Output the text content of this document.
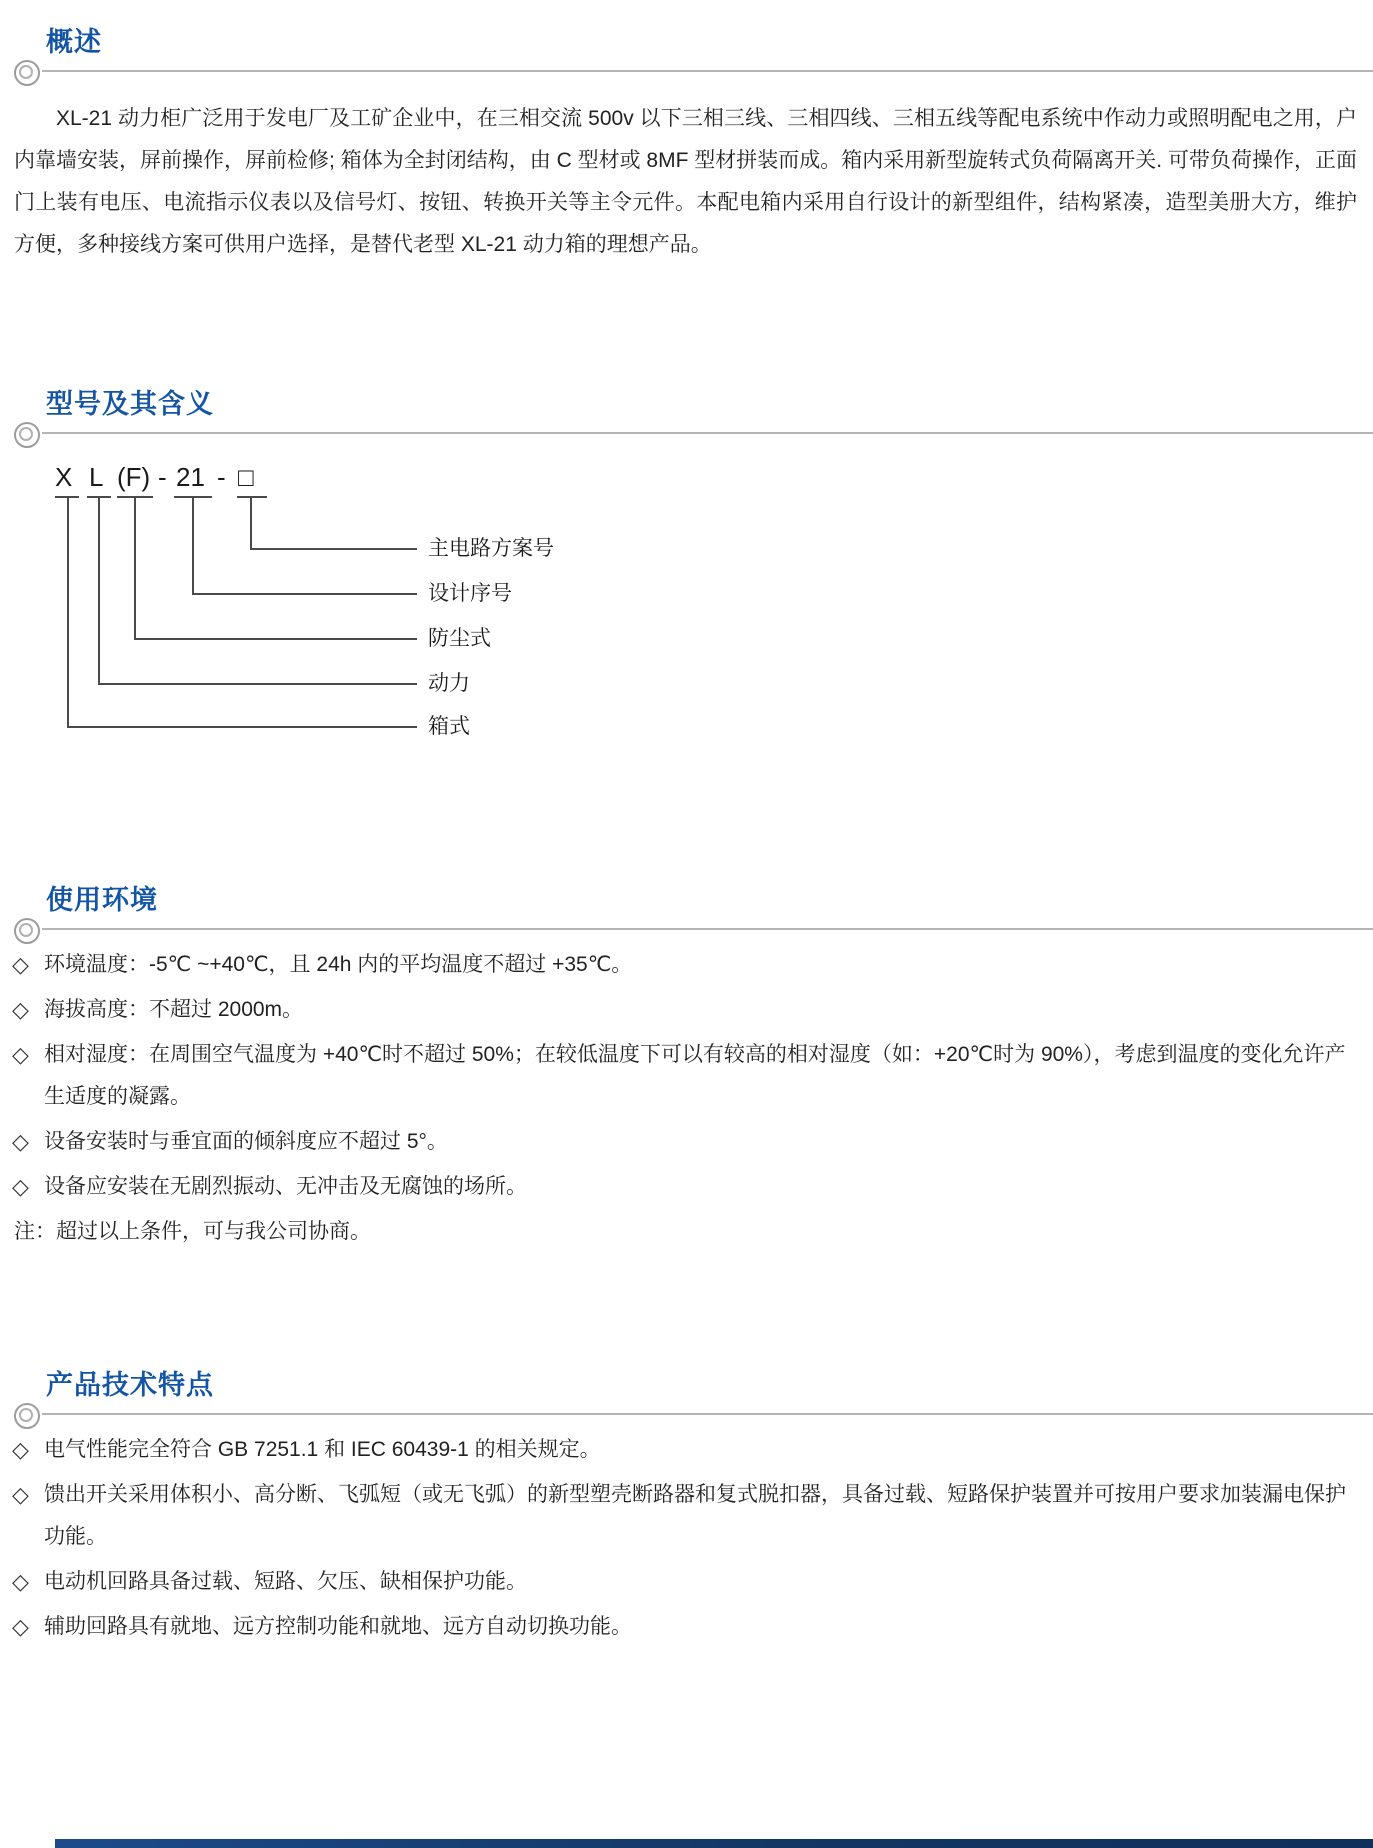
概述

XL-21 动力柜广泛用于发电厂及工矿企业中，在三相交流 500v 以下三相三线、三相四线、三相五线等配电系统中作动力或照明配电之用，户内靠墙安装，屏前操作，屏前检修; 箱体为全封闭结构，由 C 型材或 8MF 型材拼装而成。箱内采用新型旋转式负荷隔离开关. 可带负荷操作，正面门上装有电压、电流指示仪表以及信号灯、按钮、转换开关等主令元件。本配电箱内采用自行设计的新型组件，结构紧凑，造型美册大方，维护方便，多种接线方案可供用户选择，是替代老型 XL-21 动力箱的理想产品。

型号及其含义
X L (F) - 21 - □
主电路方案号
设计序号
防尘式
动力
箱式
使用环境
◇ 环境温度：-5℃ ~+40℃，且 24h 内的平均温度不超过 +35℃。
◇ 海拔高度：不超过 2000m。
◇ 相对湿度：在周围空气温度为 +40℃时不超过 50%；在较低温度下可以有较高的相对湿度（如：+20℃时为 90%），考虑到温度的变化允许产生适度的凝露。
◇ 设备安装时与垂宜面的倾斜度应不超过 5°。
◇ 设备应安装在无剧烈振动、无冲击及无腐蚀的场所。

注：超过以上条件，可与我公司协商。

产品技术特点
◇ 电气性能完全符合 GB 7251.1 和 IEC 60439-1 的相关规定。
◇ 馈出开关采用体积小、高分断、飞弧短（或无飞弧）的新型塑壳断路器和复式脱扣器，具备过载、短路保护装置并可按用户要求加装漏电保护功能。
◇ 电动机回路具备过载、短路、欠压、缺相保护功能。
◇ 辅助回路具有就地、远方控制功能和就地、远方自动切换功能。
